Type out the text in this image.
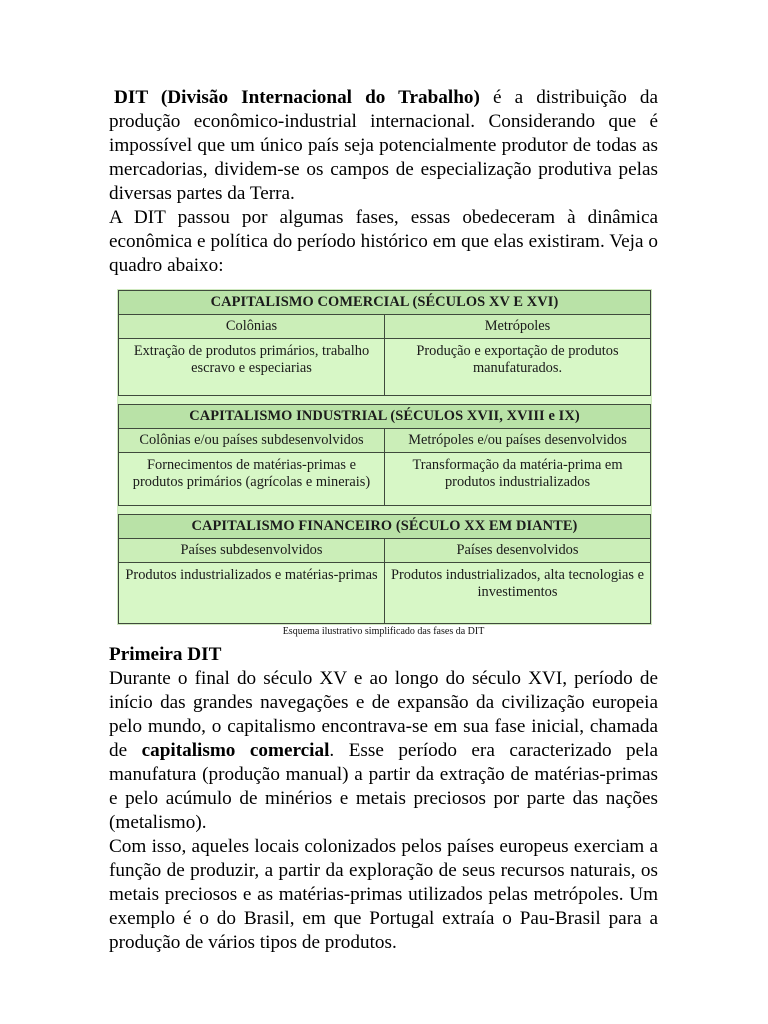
DIT (Divisão Internacional do Trabalho) é a distribuição da produção econômico-industrial internacional. Considerando que é impossível que um único país seja potencialmente produtor de todas as mercadorias, dividem-se os campos de especialização produtiva pelas diversas partes da Terra.

A DIT passou por algumas fases, essas obedeceram à dinâmica econômica e política do período histórico em que elas existiram. Veja o quadro abaixo:

CAPITALISMO COMERCIAL (SÉCULOS XV E XVI)	
Colônias	Metrópoles
Extração de produtos primários, trabalho escravo e especiarias	Produção e exportação de produtos manufaturados.

CAPITALISMO INDUSTRIAL (SÉCULOS XVII, XVIII e IX)	
Colônias e/ou países subdesenvolvidos	Metrópoles e/ou países desenvolvidos
Fornecimentos de matérias-primas e produtos primários (agrícolas e minerais)	Transformação da matéria-prima em produtos industrializados

CAPITALISMO FINANCEIRO (SÉCULO XX EM DIANTE)	
Países subdesenvolvidos	Países desenvolvidos
Produtos industrializados e matérias-primas	Produtos industrializados, alta tecnologias e investimentos

Esquema ilustrativo simplificado das fases da DIT

Primeira DIT

Durante o final do século XV e ao longo do século XVI, período de início das grandes navegações e de expansão da civilização europeia pelo mundo, o capitalismo encontrava-se em sua fase inicial, chamada de capitalismo comercial. Esse período era caracterizado pela manufatura (produção manual) a partir da extração de matérias-primas e pelo acúmulo de minérios e metais preciosos por parte das nações (metalismo).

Com isso, aqueles locais colonizados pelos países europeus exerciam a função de produzir, a partir da exploração de seus recursos naturais, os metais preciosos e as matérias-primas utilizados pelas metrópoles. Um exemplo é o do Brasil, em que Portugal extraía o Pau-Brasil para a produção de vários tipos de produtos.
